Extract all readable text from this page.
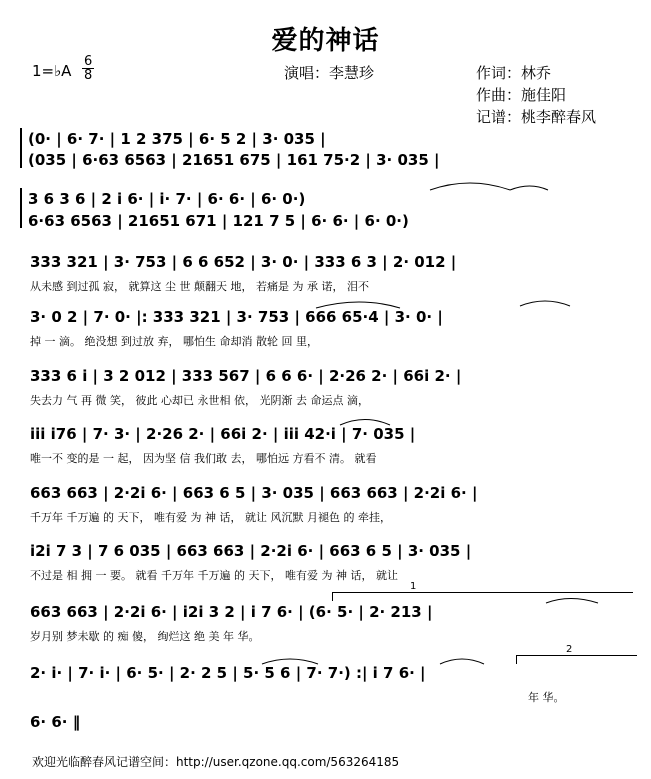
爱的神话
1=♭A
6
8	演唱：李慧珍	作词：林乔
作曲：施佳阳
记谱：桃李醉春风
(0· | 6· 7· | 1 2 375 | 6· 5 2 | 3· 035 |
(035 | 6·63 6563 | 21651 675 | 161 75·2 | 3· 035 |
3 6 3 6 | 2 i 6· | i· 7· | 6· 6· | 6· 0·)
6·63 6563 | 21651 671 | 121 7 5 | 6· 6· | 6· 0·)
333 321 | 3· 753 | 6 6 652 | 3· 0· | 333 6 3 | 2· 012 |
从未感 到过孤 寂， 就算这 尘 世 颠翻天 地， 若痛是 为 承 诺， 泪不
3· 0 2 | 7· 0· |: 333 321 | 3· 753 | 666 65·4 | 3· 0· |
掉 一 滴。 绝没想 到过放 弃， 哪怕生 命却消 散轮 回 里，
333 6 i | 3 2 012 | 333 567 | 6 6 6· | 2·26 2· | 66i 2· |
失去力 气 再 微 笑， 彼此 心却已 永世相 依， 光阴渐 去 命运点 滴，
iii i76 | 7· 3· | 2·26 2· | 66i 2· | iii 42·i | 7· 035 |
唯一不 变的是 一 起， 因为坚 信 我们敢 去， 哪怕远 方看不 清。 就看
663 663 | 2·2i 6· | 663 6 5 | 3· 035 | 663 663 | 2·2i 6· |
千万年 千万遍 的 天下， 唯有爱 为 神 话， 就让 风沉默 月褪色 的 牵挂，
i2i 7 3 | 7 6 035 | 663 663 | 2·2i 6· | 663 6 5 | 3· 035 |
不过是 相 拥 一 要。 就看 千万年 千万遍 的 天下， 唯有爱 为 神 话， 就让
663 663 | 2·2i 6· | i2i 3 2 | i 7 6· | (6· 5· | 2· 213 |
岁月别 梦未歇 的 痴 傻， 绚烂这 绝 美 年 华。
2· i· | 7· i· | 6· 5· | 2· 2 5 | 5· 5 6 | 7· 7·) :| i 7 6· |
年 华。
6· 6· ‖
1
2
欢迎光临醉春风记谱空间：http://user.qzone.qq.com/563264185
